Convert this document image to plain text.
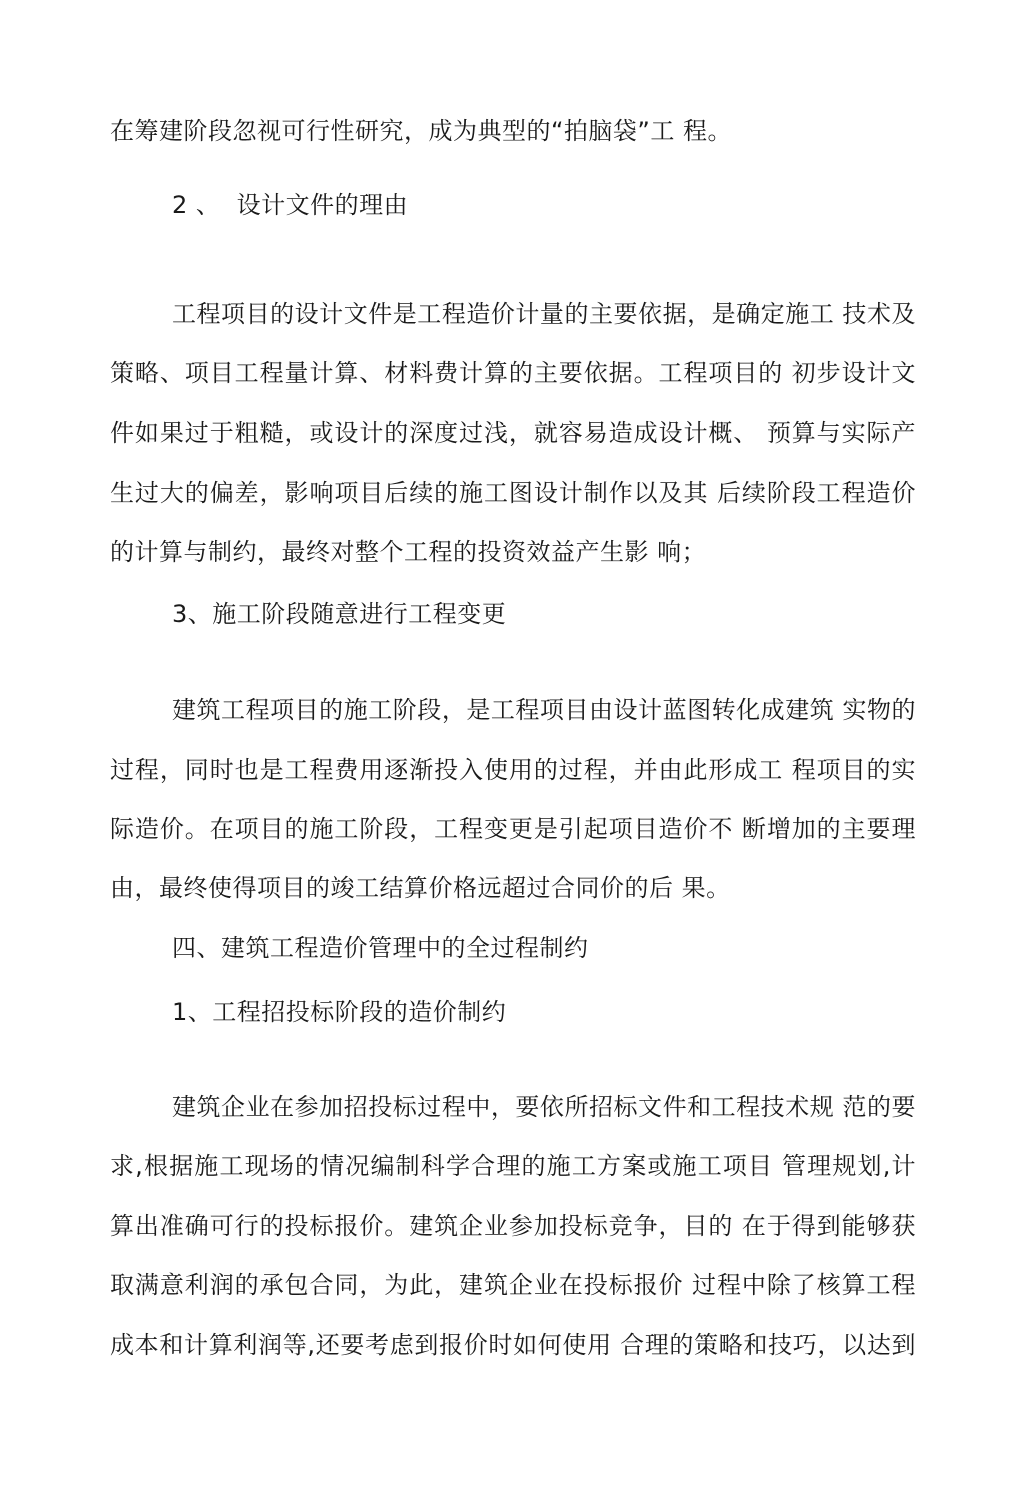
在筹建阶段忽视可行性研究，成为典型的“拍脑袋”工 程。
2 、  设计文件的理由
工程项目的设计文件是工程造价计量的主要依据，是确定施工 技术及
策略、项目工程量计算、材料费计算的主要依据。工程项目的 初步设计文
件如果过于粗糙，或设计的深度过浅，就容易造成设计概、 预算与实际产
生过大的偏差，影响项目后续的施工图设计制作以及其 后续阶段工程造价
的计算与制约，最终对整个工程的投资效益产生影 响；
3、施工阶段随意进行工程变更
建筑工程项目的施工阶段，是工程项目由设计蓝图转化成建筑 实物的
过程，同时也是工程费用逐渐投入使用的过程，并由此形成工 程项目的实
际造价。在项目的施工阶段，工程变更是引起项目造价不 断增加的主要理
由，最终使得项目的竣工结算价格远超过合同价的后 果。
四、建筑工程造价管理中的全过程制约
1、工程招投标阶段的造价制约
建筑企业在参加招投标过程中，要依所招标文件和工程技术规 范的要
求,根据施工现场的情况编制科学合理的施工方案或施工项目 管理规划,计
算出准确可行的投标报价。建筑企业参加投标竞争，目的 在于得到能够获
取满意利润的承包合同，为此，建筑企业在投标报价 过程中除了核算工程
成本和计算利润等,还要考虑到报价时如何使用 合理的策略和技巧，以达到
